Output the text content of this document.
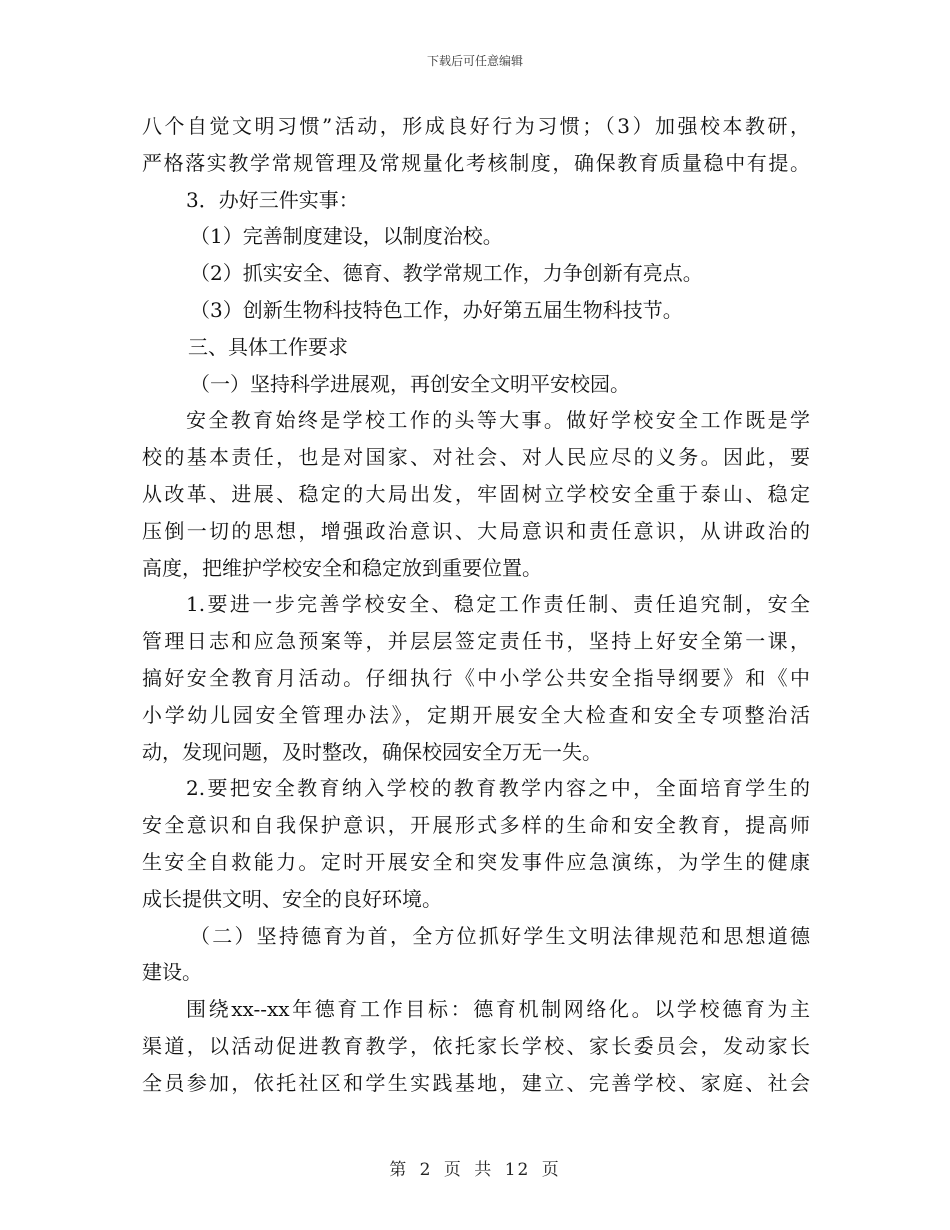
下载后可任意编辑
八个自觉文明习惯”活动，形成良好行为习惯；（3）加强校本教研，
严格落实教学常规管理及常规量化考核制度，确保教育质量稳中有提。
3．办好三件实事：
（1）完善制度建设，以制度治校。
（2）抓实安全、德育、教学常规工作，力争创新有亮点。
（3）创新生物科技特色工作，办好第五届生物科技节。
三、具体工作要求
（一）坚持科学进展观，再创安全文明平安校园。
安全教育始终是学校工作的头等大事。做好学校安全工作既是学
校的基本责任，也是对国家、对社会、对人民应尽的义务。因此，要
从改革、进展、稳定的大局出发，牢固树立学校安全重于泰山、稳定
压倒一切的思想，增强政治意识、大局意识和责任意识，从讲政治的
高度，把维护学校安全和稳定放到重要位置。
1.要进一步完善学校安全、稳定工作责任制、责任追究制，安全
管理日志和应急预案等，并层层签定责任书，坚持上好安全第一课，
搞好安全教育月活动。仔细执行《中小学公共安全指导纲要》和《中
小学幼儿园安全管理办法》，定期开展安全大检查和安全专项整治活
动，发现问题，及时整改，确保校园安全万无一失。
2.要把安全教育纳入学校的教育教学内容之中，全面培育学生的
安全意识和自我保护意识，开展形式多样的生命和安全教育，提高师
生安全自救能力。定时开展安全和突发事件应急演练，为学生的健康
成长提供文明、安全的良好环境。
（二）坚持德育为首，全方位抓好学生文明法律规范和思想道德
建设。
围绕xx--xx年德育工作目标：德育机制网络化。以学校德育为主
渠道，以活动促进教育教学，依托家长学校、家长委员会，发动家长
全员参加，依托社区和学生实践基地，建立、完善学校、家庭、社会
第 2 页 共 12 页
